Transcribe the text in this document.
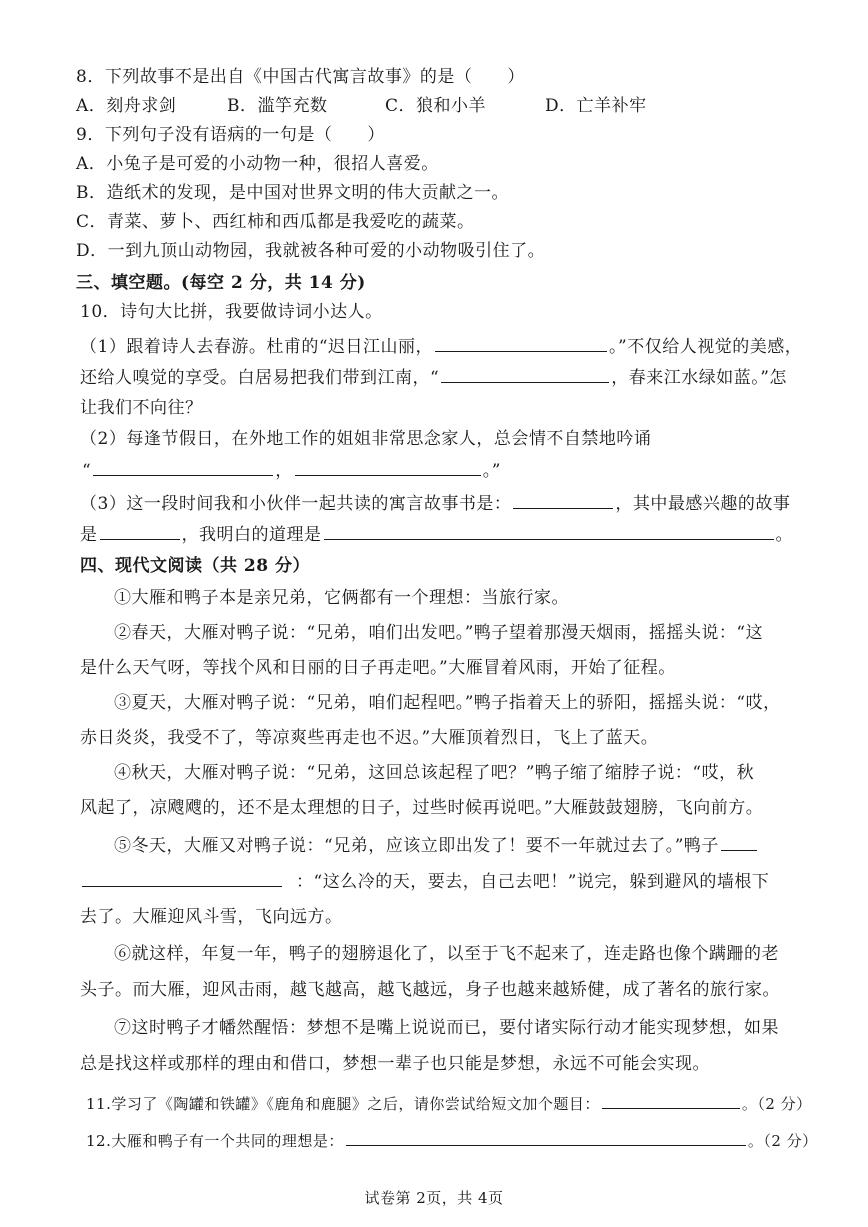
8．下列故事不是出自《中国古代寓言故事》的是（　　）
A．刻舟求剑	B．滥竽充数	C．狼和小羊	D．亡羊补牢
9．下列句子没有语病的一句是（　　）
A．小兔子是可爱的小动物一种，很招人喜爱。
B．造纸术的发现，是中国对世界文明的伟大贡献之一。
C．青菜、萝卜、西红柿和西瓜都是我爱吃的蔬菜。
D．一到九顶山动物园，我就被各种可爱的小动物吸引住了。
三、填空题。(每空 2 分，共 14 分)
10．诗句大比拼，我要做诗词小达人。
（1）跟着诗人去春游。杜甫的“迟日江山丽，	。”不仅给人视觉的美感，
还给人嗅觉的享受。白居易把我们带到江南，“	，春来江水绿如蓝。”怎
让我们不向往？
（2）每逢节假日，在外地工作的姐姐非常思念家人，总会情不自禁地吟诵
“	，	。”
（3）这一段时间我和小伙伴一起共读的寓言故事书是：	，其中最感兴趣的故事
是	，我明白的道理是	。
四、现代文阅读（共 28 分）
①大雁和鸭子本是亲兄弟，它俩都有一个理想：当旅行家。
②春天，大雁对鸭子说：“兄弟，咱们出发吧。”鸭子望着那漫天烟雨，摇摇头说：“这
是什么天气呀，等找个风和日丽的日子再走吧。”大雁冒着风雨，开始了征程。
③夏天，大雁对鸭子说：“兄弟，咱们起程吧。”鸭子指着天上的骄阳，摇摇头说：“哎，
赤日炎炎，我受不了，等凉爽些再走也不迟。”大雁顶着烈日，飞上了蓝天。
④秋天，大雁对鸭子说：“兄弟，这回总该起程了吧？”鸭子缩了缩脖子说：“哎，秋
风起了，凉飕飕的，还不是太理想的日子，过些时候再说吧。”大雁鼓鼓翅膀，飞向前方。
⑤冬天，大雁又对鸭子说：“兄弟，应该立即出发了！要不一年就过去了。”鸭子
：“这么冷的天，要去，自己去吧！”说完，躲到避风的墙根下
去了。大雁迎风斗雪，飞向远方。
⑥就这样，年复一年，鸭子的翅膀退化了，以至于飞不起来了，连走路也像个蹒跚的老
头子。而大雁，迎风击雨，越飞越高，越飞越远，身子也越来越矫健，成了著名的旅行家。
⑦这时鸭子才幡然醒悟：梦想不是嘴上说说而已，要付诸实际行动才能实现梦想，如果
总是找这样或那样的理由和借口，梦想一辈子也只能是梦想，永远不可能会实现。
11.学习了《陶罐和铁罐》《鹿角和鹿腿》之后，请你尝试给短文加个题目：	。（2 分）
12.大雁和鸭子有一个共同的理想是：	。（2 分）
试卷第 2页，共 4页
